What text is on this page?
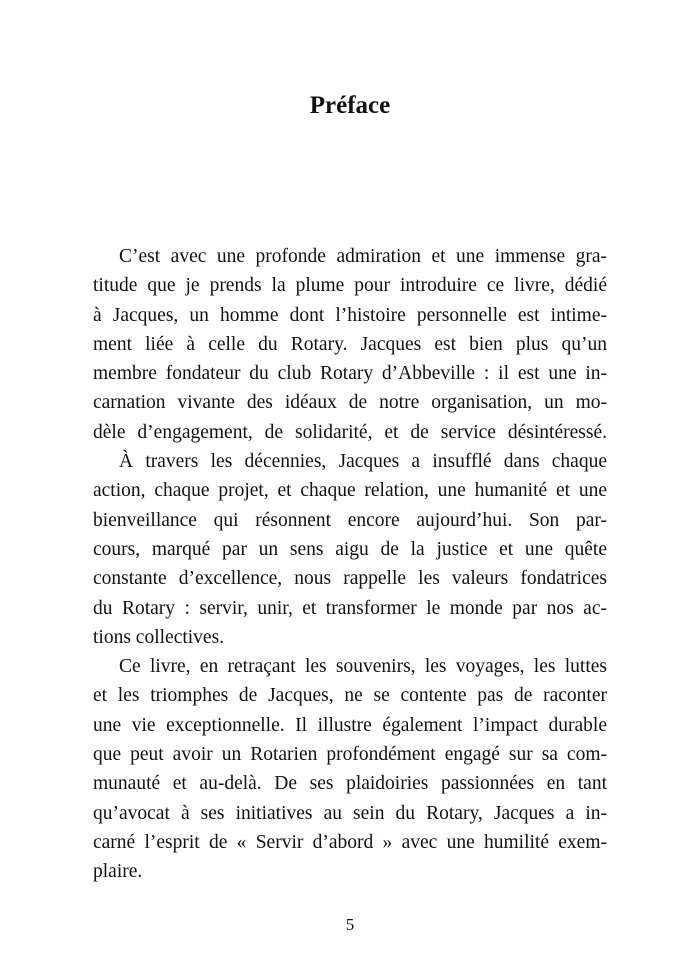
Préface
C’est avec une profonde admiration et une immense gra-
titude que je prends la plume pour introduire ce livre, dédié
à Jacques, un homme dont l’histoire personnelle est intime-
ment liée à celle du Rotary. Jacques est bien plus qu’un
membre fondateur du club Rotary d’Abbeville : il est une in-
carnation vivante des idéaux de notre organisation, un mo-
dèle d’engagement, de solidarité, et de service désintéressé.
À travers les décennies, Jacques a insufflé dans chaque
action, chaque projet, et chaque relation, une humanité et une
bienveillance qui résonnent encore aujourd’hui. Son par-
cours, marqué par un sens aigu de la justice et une quête
constante d’excellence, nous rappelle les valeurs fondatrices
du Rotary : servir, unir, et transformer le monde par nos ac-
tions collectives.
Ce livre, en retraçant les souvenirs, les voyages, les luttes
et les triomphes de Jacques, ne se contente pas de raconter
une vie exceptionnelle. Il illustre également l’impact durable
que peut avoir un Rotarien profondément engagé sur sa com-
munauté et au-delà. De ses plaidoiries passionnées en tant
qu’avocat à ses initiatives au sein du Rotary, Jacques a in-
carné l’esprit de « Servir d’abord » avec une humilité exem-
plaire.
5
